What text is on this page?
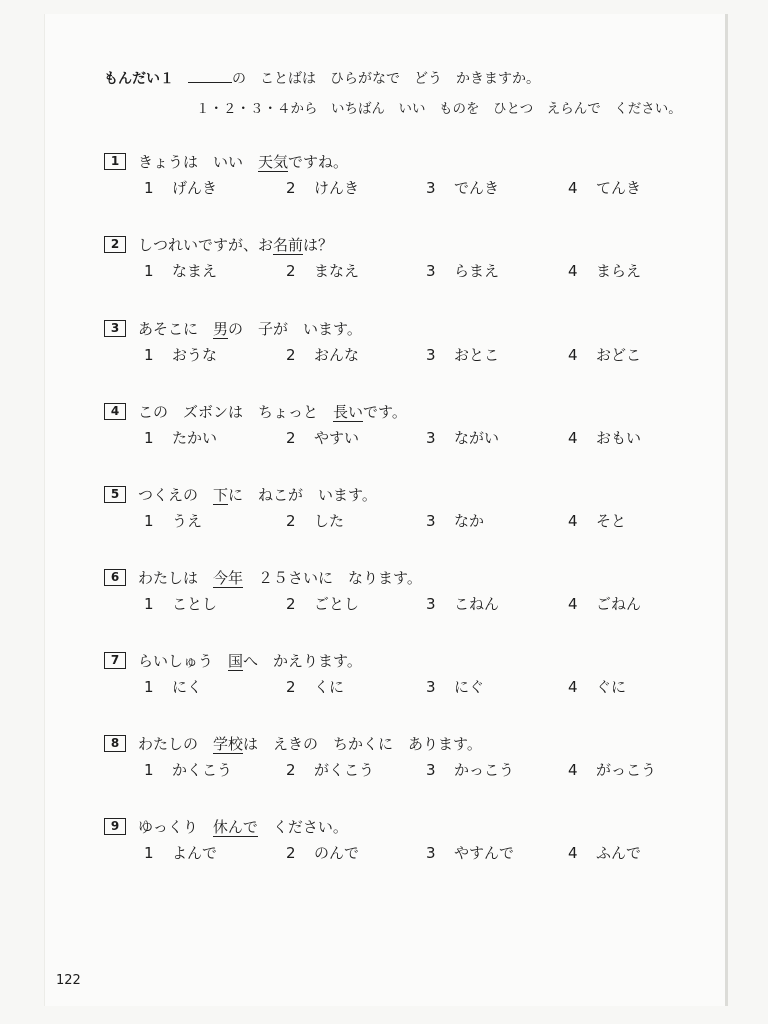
もんだい１	の　ことばは　ひらがなで　どう　かきますか。
１・２・３・４から　いちばん　いい　ものを　ひとつ　えらんで　ください。
1 きょうは　いい　天気ですね。
1 げんき	2 けんき	3 でんき	4 てんき
2 しつれいですが、お名前は？
1 なまえ	2 まなえ	3 らまえ	4 まらえ
3 あそこに　男の　子が　います。
1 おうな	2 おんな	3 おとこ	4 おどこ
4 この　ズボンは　ちょっと　長いです。
1 たかい	2 やすい	3 ながい	4 おもい
5 つくえの　下に　ねこが　います。
1 うえ	2 した	3 なか	4 そと
6 わたしは　今年　２５さいに　なります。
1 ことし	2 ごとし	3 こねん	4 ごねん
7 らいしゅう　国へ　かえります。
1 にく	2 くに	3 にぐ	4 ぐに
8 わたしの　学校は　えきの　ちかくに　あります。
1 かくこう	2 がくこう	3 かっこう	4 がっこう
9 ゆっくり　休んで　ください。
1 よんで	2 のんで	3 やすんで	4 ふんで
122
